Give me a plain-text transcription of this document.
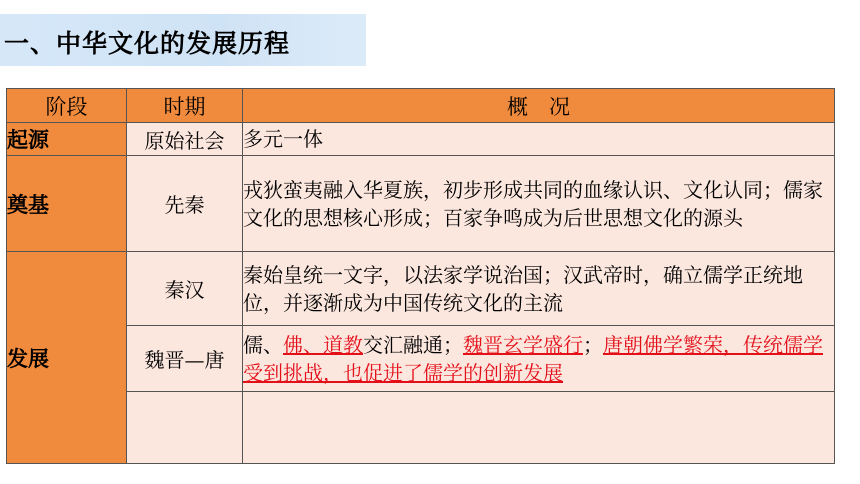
一、中华文化的发展历程
阶段	时期	概　况
起源	原始社会	多元一体
奠基	先秦	戎狄蛮夷融入华夏族，初步形成共同的血缘认识、文化认同；儒家文化的思想核心形成；百家争鸣成为后世思想文化的源头
发展	秦汉	秦始皇统一文字，以法家学说治国；汉武帝时，确立儒学正统地位，并逐渐成为中国传统文化的主流
	魏晋—唐	儒、佛、道教交汇融通；魏晋玄学盛行；唐朝佛学繁荣，传统儒学受到挑战，也促进了儒学的创新发展
